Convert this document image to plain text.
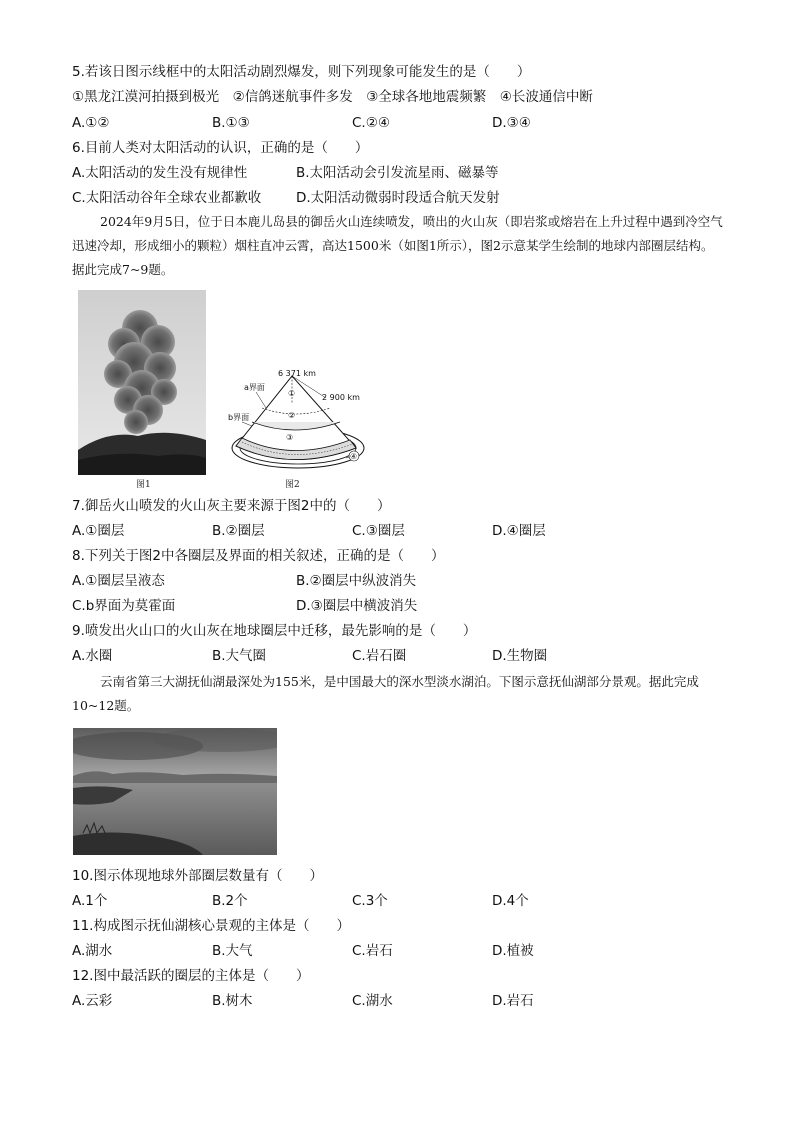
5.若该日图示线框中的太阳活动剧烈爆发，则下列现象可能发生的是（　　）
①黑龙江漠河拍摄到极光　②信鸽迷航事件多发　③全球各地地震频繁　④长波通信中断
A.①②	B.①③	C.②④	D.③④
6.目前人类对太阳活动的认识，正确的是（　　）
A.太阳活动的发生没有规律性	B.太阳活动会引发流星雨、磁暴等
C.太阳活动谷年全球农业都歉收	D.太阳活动微弱时段适合航天发射

2024年9月5日，位于日本鹿儿岛县的御岳火山连续喷发，喷出的火山灰（即岩浆或熔岩在上升过程中遇到冷空气迅速冷却，形成细小的颗粒）烟柱直冲云霄，高达1500米（如图1所示），图2示意某学生绘制的地球内部圈层结构。据此完成7~9题。

图1
6 371 km
2 900 km
a界面
b界面
①
②
③
④
图2
7.御岳火山喷发的火山灰主要来源于图2中的（　　）
A.①圈层	B.②圈层	C.③圈层	D.④圈层
8.下列关于图2中各圈层及界面的相关叙述，正确的是（　　）
A.①圈层呈液态	B.②圈层中纵波消失
C.b界面为莫霍面	D.③圈层中横波消失
9.喷发出火山口的火山灰在地球圈层中迁移，最先影响的是（　　）
A.水圈	B.大气圈	C.岩石圈	D.生物圈

云南省第三大湖抚仙湖最深处为155米，是中国最大的深水型淡水湖泊。下图示意抚仙湖部分景观。据此完成10~12题。

10.图示体现地球外部圈层数量有（　　）
A.1个	B.2个	C.3个	D.4个
11.构成图示抚仙湖核心景观的主体是（　　）
A.湖水	B.大气	C.岩石	D.植被
12.图中最活跃的圈层的主体是（　　）
A.云彩	B.树木	C.湖水	D.岩石
